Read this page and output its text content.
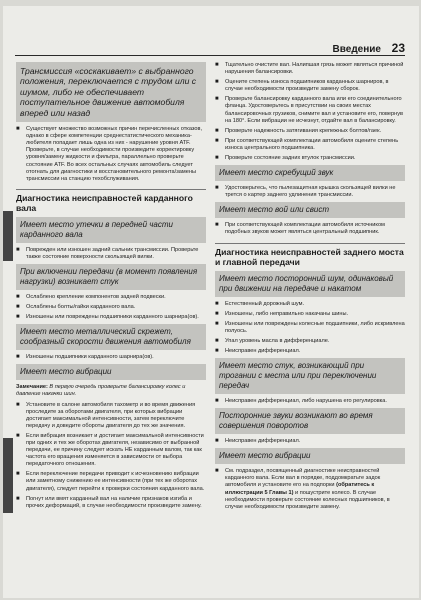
Введение 23
Трансмиссия «соскакивает» с выбранного положения, переключается с трудом или с шумом, либо не обеспечивает поступательное движение автомобиля вперед или назад
■ Существует множество возможных причин перечисленных отказов, однако в сфере компетенции среднестатистического механика-любителя попадает лишь одна из них - нарушение уровня ATF. Проверьте, в случае необходимости произведите корректировку уровня/замену жидкости и фильтра, параллельно проверьте состояние ATF. Во всех остальных случаях автомобиль следует отогнать для диагностики и восстановительного ремонта/замены трансмиссии на станцию техобслуживания.
Диагностика неисправностей карданного вала
Имеет место утечки в передней части карданного вала
■ Поврежден или изношен задний сальник трансмиссии. Проверьте также состояние поверхности скользящей вилки.
При включении передачи (в момент появления нагрузки) возникает стук
■ Ослаблено крепление компонентов задней подвески.
■ Ослаблены болты/гайки карданного вала.
■ Изношены или повреждены подшипники карданного шарнира(ов).
Имеет место металлический скрежет, сообразный скорости движения автомобиля
■ Изношены подшипники карданного шарнира(ов).
Имеет место вибрации
Замечание: В первую очередь проверьте балансировку колес и давление накачки шин.
■ Установите в салоне автомобиля тахометр и во время движения проследите за оборотами двигателя, при которых вибрации достигает максимальной интенсивности, затем переключите передачу и доведите обороты двигателя до тех же значения.
■ Если вибрация возникает и достигает максимальной интенсивности при одних и тех же оборотах двигателя, независимо от выбранной передачи, ее причину следует искать НЕ карданным валом, так как частота его вращения изменяется в зависимости от выбора передаточного отношения.
■ Если переключение передачи приводит к исчезновению вибрации или заметному снижению ее интенсивности (при тех же оборотах двигателя), следует перейти к проверки состояния карданного вала.
■ Погнут или вмят карданный вал на наличие признаков изгиба и прочих деформаций, в случае необходимости произведите замену.
■ Тщательно очистите вал. Налипшая грязь может являться причиной нарушения балансировки.
■ Оцените степень износа подшипников карданных шарниров, в случае необходимости произведите замену сборок.
■ Проверьте балансировку карданного вала или его соединительного фланца. Удостоверьтесь в присутствии на своих местах балансировочных грузиков, снимите вал и установите его, повернув на 180°. Если вибрации не исчезнут, отдайте вал в балансировку.
■ Проверьте надежность затягивания крепежных болтов/гаек.
■ При соответствующей комплектации автомобиля оцените степень износа центрального подшипника.
■ Проверьте состояние задних втулок трансмиссии.
Имеет место скребущий звук
■ Удостоверьтесь, что пылезащитная крышка скользящей вилки не трется о картер заднего удлинения трансмиссии.
Имеет место вой или свист
■ При соответствующей комплектации автомобиля источником подобных звуков может являться центральный подшипник.
Диагностика неисправностей заднего моста и главной передачи
Имеет место посторонний шум, одинаковый при движении на передаче и накатом
■ Естественный дорожный шум.
■ Изношены, либо неправильно накачаны шины.
■ Изношены или повреждены колесные подшипники, либо искривлена полуось.
■ Упал уровень масла в дифференциале.
■ Неисправен дифференциал.
Имеет место стук, возникающий при трогании с места или при переключении передач
■ Неисправен дифференциал, либо нарушена его регулировка.
Посторонние звуки возникают во время совершения поворотов
■ Неисправен дифференциал.
Имеет место вибрации
■ См. подраздел, посвященный диагностике неисправностей карданного вала. Если вал в порядке, поддомкратьте задок автомобиля и установите его на подпорки (обратитесь к иллюстрации 5 Главы 1) и пошустрите колесо. В случае необходимости проверьте состояние колесных подшипников, в случае необходимости произведите замену.
